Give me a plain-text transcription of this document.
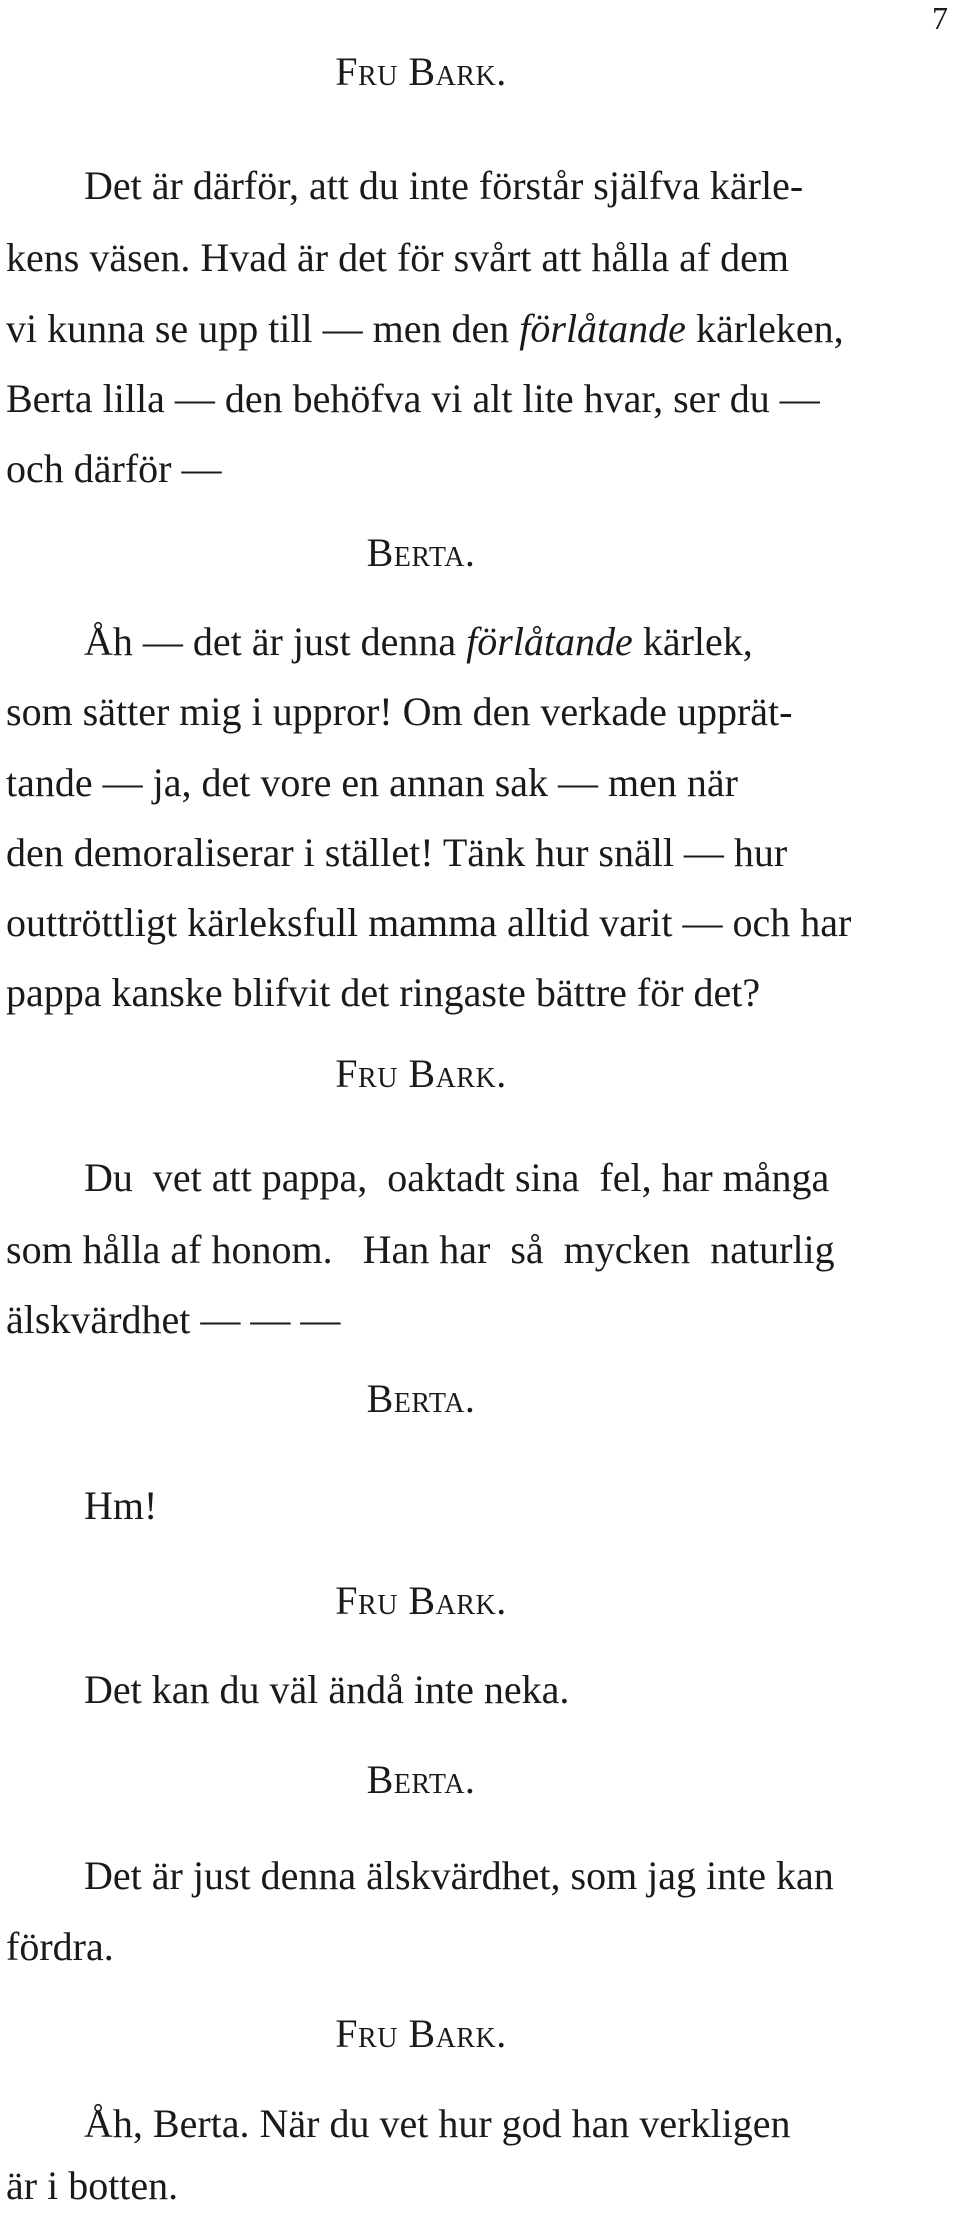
7
Fru Bark.
Det är därför, att du inte förstår själfva kärle-
kens väsen. Hvad är det för svårt att hålla af dem
vi kunna se upp till — men den förlåtande kärleken,
Berta lilla — den behöfva vi alt lite hvar, ser du —
och därför —
Berta.
Åh — det är just denna förlåtande kärlek,
som sätter mig i uppror! Om den verkade upprät-
tande — ja, det vore en annan sak — men när
den demoraliserar i stället! Tänk hur snäll — hur
outtröttligt kärleksfull mamma alltid varit — och har
pappa kanske blifvit det ringaste bättre för det?
Fru Bark.
Du  vet att pappa,  oaktadt sina  fel, har många
som hålla af honom.   Han har  så  mycken  naturlig
älskvärdhet — — —
Berta.
Hm!
Fru Bark.
Det kan du väl ändå inte neka.
Berta.
Det är just denna älskvärdhet, som jag inte kan
fördra.
Fru Bark.
Åh, Berta. När du vet hur god han verkligen
är i botten.
